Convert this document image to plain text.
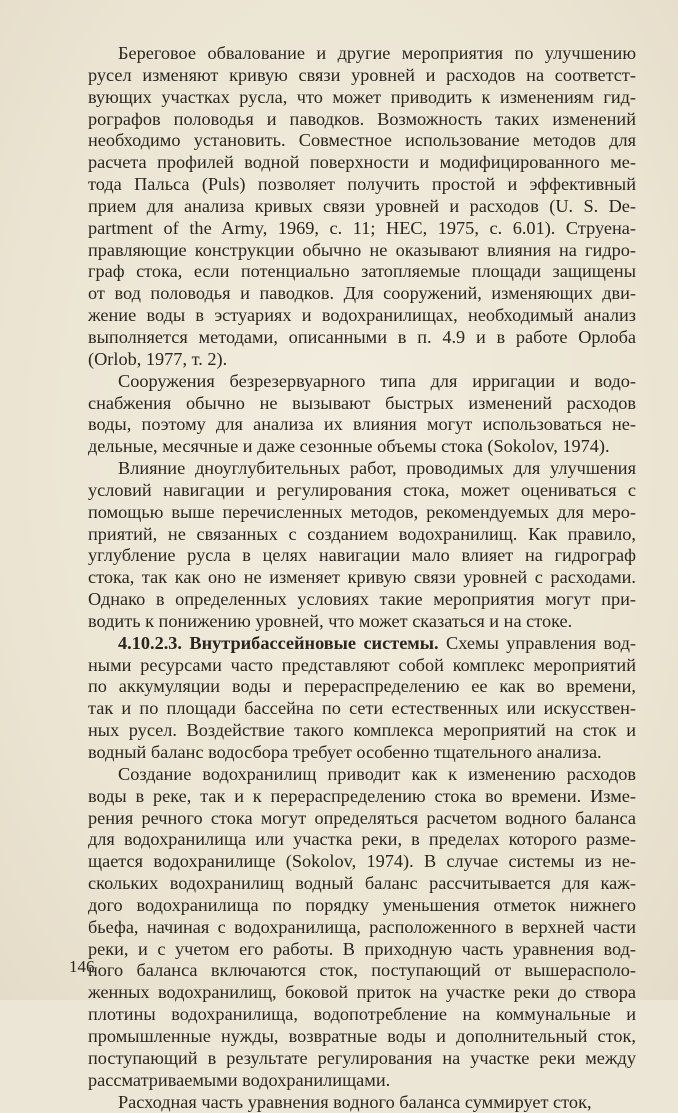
Береговое обвалование и другие мероприятия по улучшению
русел изменяют кривую связи уровней и расходов на соответст-
вующих участках русла, что может приводить к изменениям гид-
рографов половодья и паводков. Возможность таких изменений
необходимо установить. Совместное использование методов для
расчета профилей водной поверхности и модифицированного ме-
тода Пальса (Puls) позволяет получить простой и эффективный
прием для анализа кривых связи уровней и расходов (U. S. De-
partment of the Army, 1969, с. 11; HEC, 1975, с. 6.01). Струена-
правляющие конструкции обычно не оказывают влияния на гидро-
граф стока, если потенциально затопляемые площади защищены
от вод половодья и паводков. Для сооружений, изменяющих дви-
жение воды в эстуариях и водохранилищах, необходимый анализ
выполняется методами, описанными в п. 4.9 и в работе Орлоба
(Orlob, 1977, т. 2).
Сооружения безрезервуарного типа для ирригации и водо-
снабжения обычно не вызывают быстрых изменений расходов
воды, поэтому для анализа их влияния могут использоваться не-
дельные, месячные и даже сезонные объемы стока (Sokolov, 1974).
Влияние дноуглубительных работ, проводимых для улучшения
условий навигации и регулирования стока, может оцениваться с
помощью выше перечисленных методов, рекомендуемых для меро-
приятий, не связанных с созданием водохранилищ. Как правило,
углубление русла в целях навигации мало влияет на гидрограф
стока, так как оно не изменяет кривую связи уровней с расходами.
Однако в определенных условиях такие мероприятия могут при-
водить к понижению уровней, что может сказаться и на стоке.
4.10.2.3. Внутрибассейновые системы. Схемы управления вод-
ными ресурсами часто представляют собой комплекс мероприятий
по аккумуляции воды и перераспределению ее как во времени,
так и по площади бассейна по сети естественных или искусствен-
ных русел. Воздействие такого комплекса мероприятий на сток и
водный баланс водосбора требует особенно тщательного анализа.
Создание водохранилищ приводит как к изменению расходов
воды в реке, так и к перераспределению стока во времени. Изме-
рения речного стока могут определяться расчетом водного баланса
для водохранилища или участка реки, в пределах которого разме-
щается водохранилище (Sokolov, 1974). В случае системы из не-
скольких водохранилищ водный баланс рассчитывается для каж-
дого водохранилища по порядку уменьшения отметок нижнего
бьефа, начиная с водохранилища, расположенного в верхней части
реки, и с учетом его работы. В приходную часть уравнения вод-
ного баланса включаются сток, поступающий от вышерасполо-
женных водохранилищ, боковой приток на участке реки до створа
плотины водохранилища, водопотребление на коммунальные и
промышленные нужды, возвратные воды и дополнительный сток,
поступающий в результате регулирования на участке реки между
рассматриваемыми водохранилищами.
Расходная часть уравнения водного баланса суммирует сток,
146
